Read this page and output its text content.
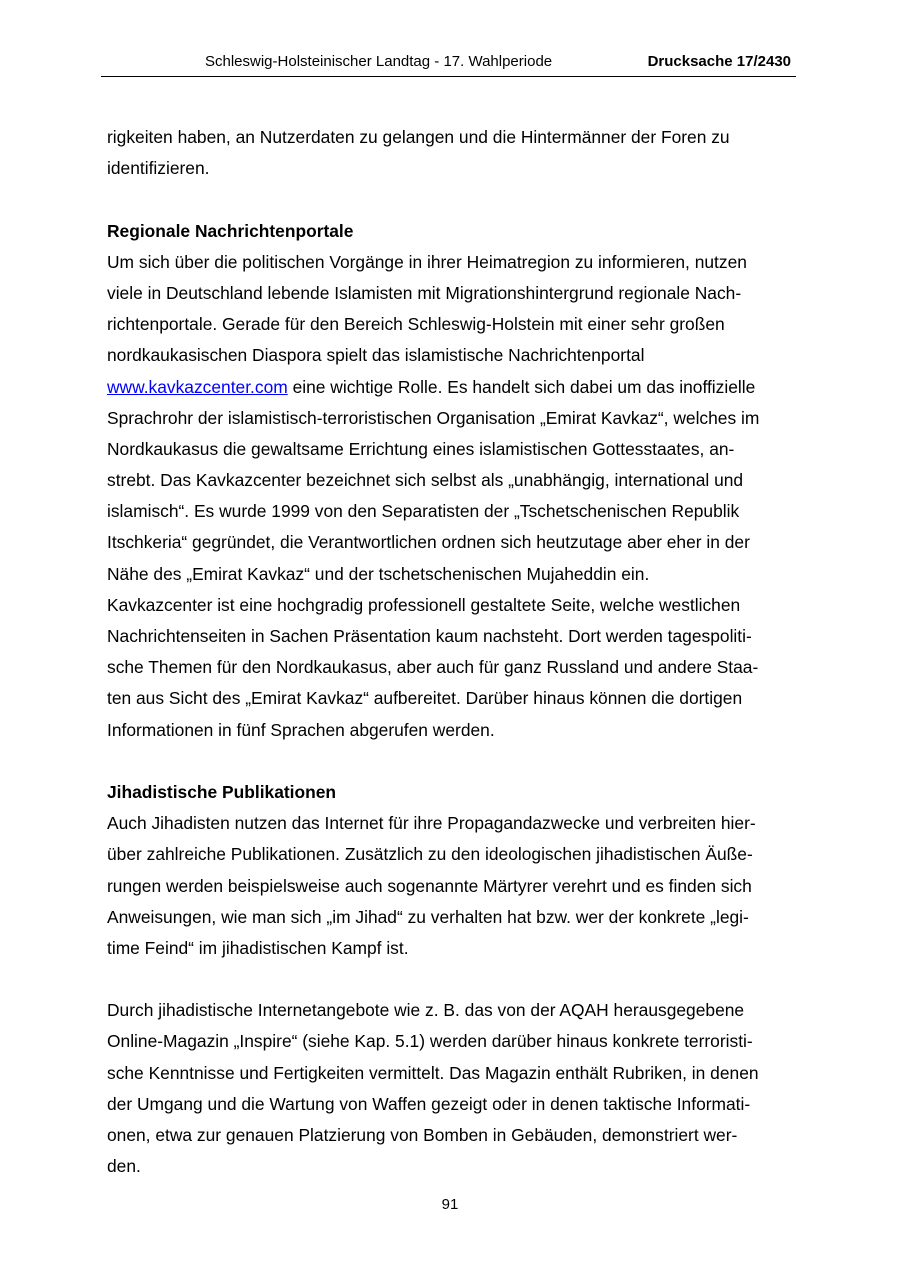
Schleswig-Holsteinischer Landtag - 17. Wahlperiode	Drucksache 17/2430
rigkeiten haben, an Nutzerdaten zu gelangen und die Hintermänner der Foren zu
identifizieren.
Regionale Nachrichtenportale
Um sich über die politischen Vorgänge in ihrer Heimatregion zu informieren, nutzen
viele in Deutschland lebende Islamisten mit Migrationshintergrund regionale Nach-
richtenportale. Gerade für den Bereich Schleswig-Holstein mit einer sehr großen
nordkaukasischen Diaspora spielt das islamistische Nachrichtenportal
www.kavkazcenter.com eine wichtige Rolle. Es handelt sich dabei um das inoffizielle
Sprachrohr der islamistisch-terroristischen Organisation „Emirat Kavkaz“, welches im
Nordkaukasus die gewaltsame Errichtung eines islamistischen Gottesstaates, an-
strebt. Das Kavkazcenter bezeichnet sich selbst als „unabhängig, international und
islamisch“. Es wurde 1999 von den Separatisten der „Tschetschenischen Republik
Itschkeria“ gegründet, die Verantwortlichen ordnen sich heutzutage aber eher in der
Nähe des „Emirat Kavkaz“ und der tschetschenischen Mujaheddin ein.
Kavkazcenter ist eine hochgradig professionell gestaltete Seite, welche westlichen
Nachrichtenseiten in Sachen Präsentation kaum nachsteht. Dort werden tagespoliti-
sche Themen für den Nordkaukasus, aber auch für ganz Russland und andere Staa-
ten aus Sicht des „Emirat Kavkaz“ aufbereitet. Darüber hinaus können die dortigen
Informationen in fünf Sprachen abgerufen werden.
Jihadistische Publikationen
Auch Jihadisten nutzen das Internet für ihre Propagandazwecke und verbreiten hier-
über zahlreiche Publikationen. Zusätzlich zu den ideologischen jihadistischen Äuße-
rungen werden beispielsweise auch sogenannte Märtyrer verehrt und es finden sich
Anweisungen, wie man sich „im Jihad“ zu verhalten hat bzw. wer der konkrete „legi-
time Feind“ im jihadistischen Kampf ist.
Durch jihadistische Internetangebote wie z. B. das von der AQAH herausgegebene
Online-Magazin „Inspire“ (siehe Kap. 5.1) werden darüber hinaus konkrete terroristi-
sche Kenntnisse und Fertigkeiten vermittelt. Das Magazin enthält Rubriken, in denen
der Umgang und die Wartung von Waffen gezeigt oder in denen taktische Informati-
onen, etwa zur genauen Platzierung von Bomben in Gebäuden, demonstriert wer-
den.
91
